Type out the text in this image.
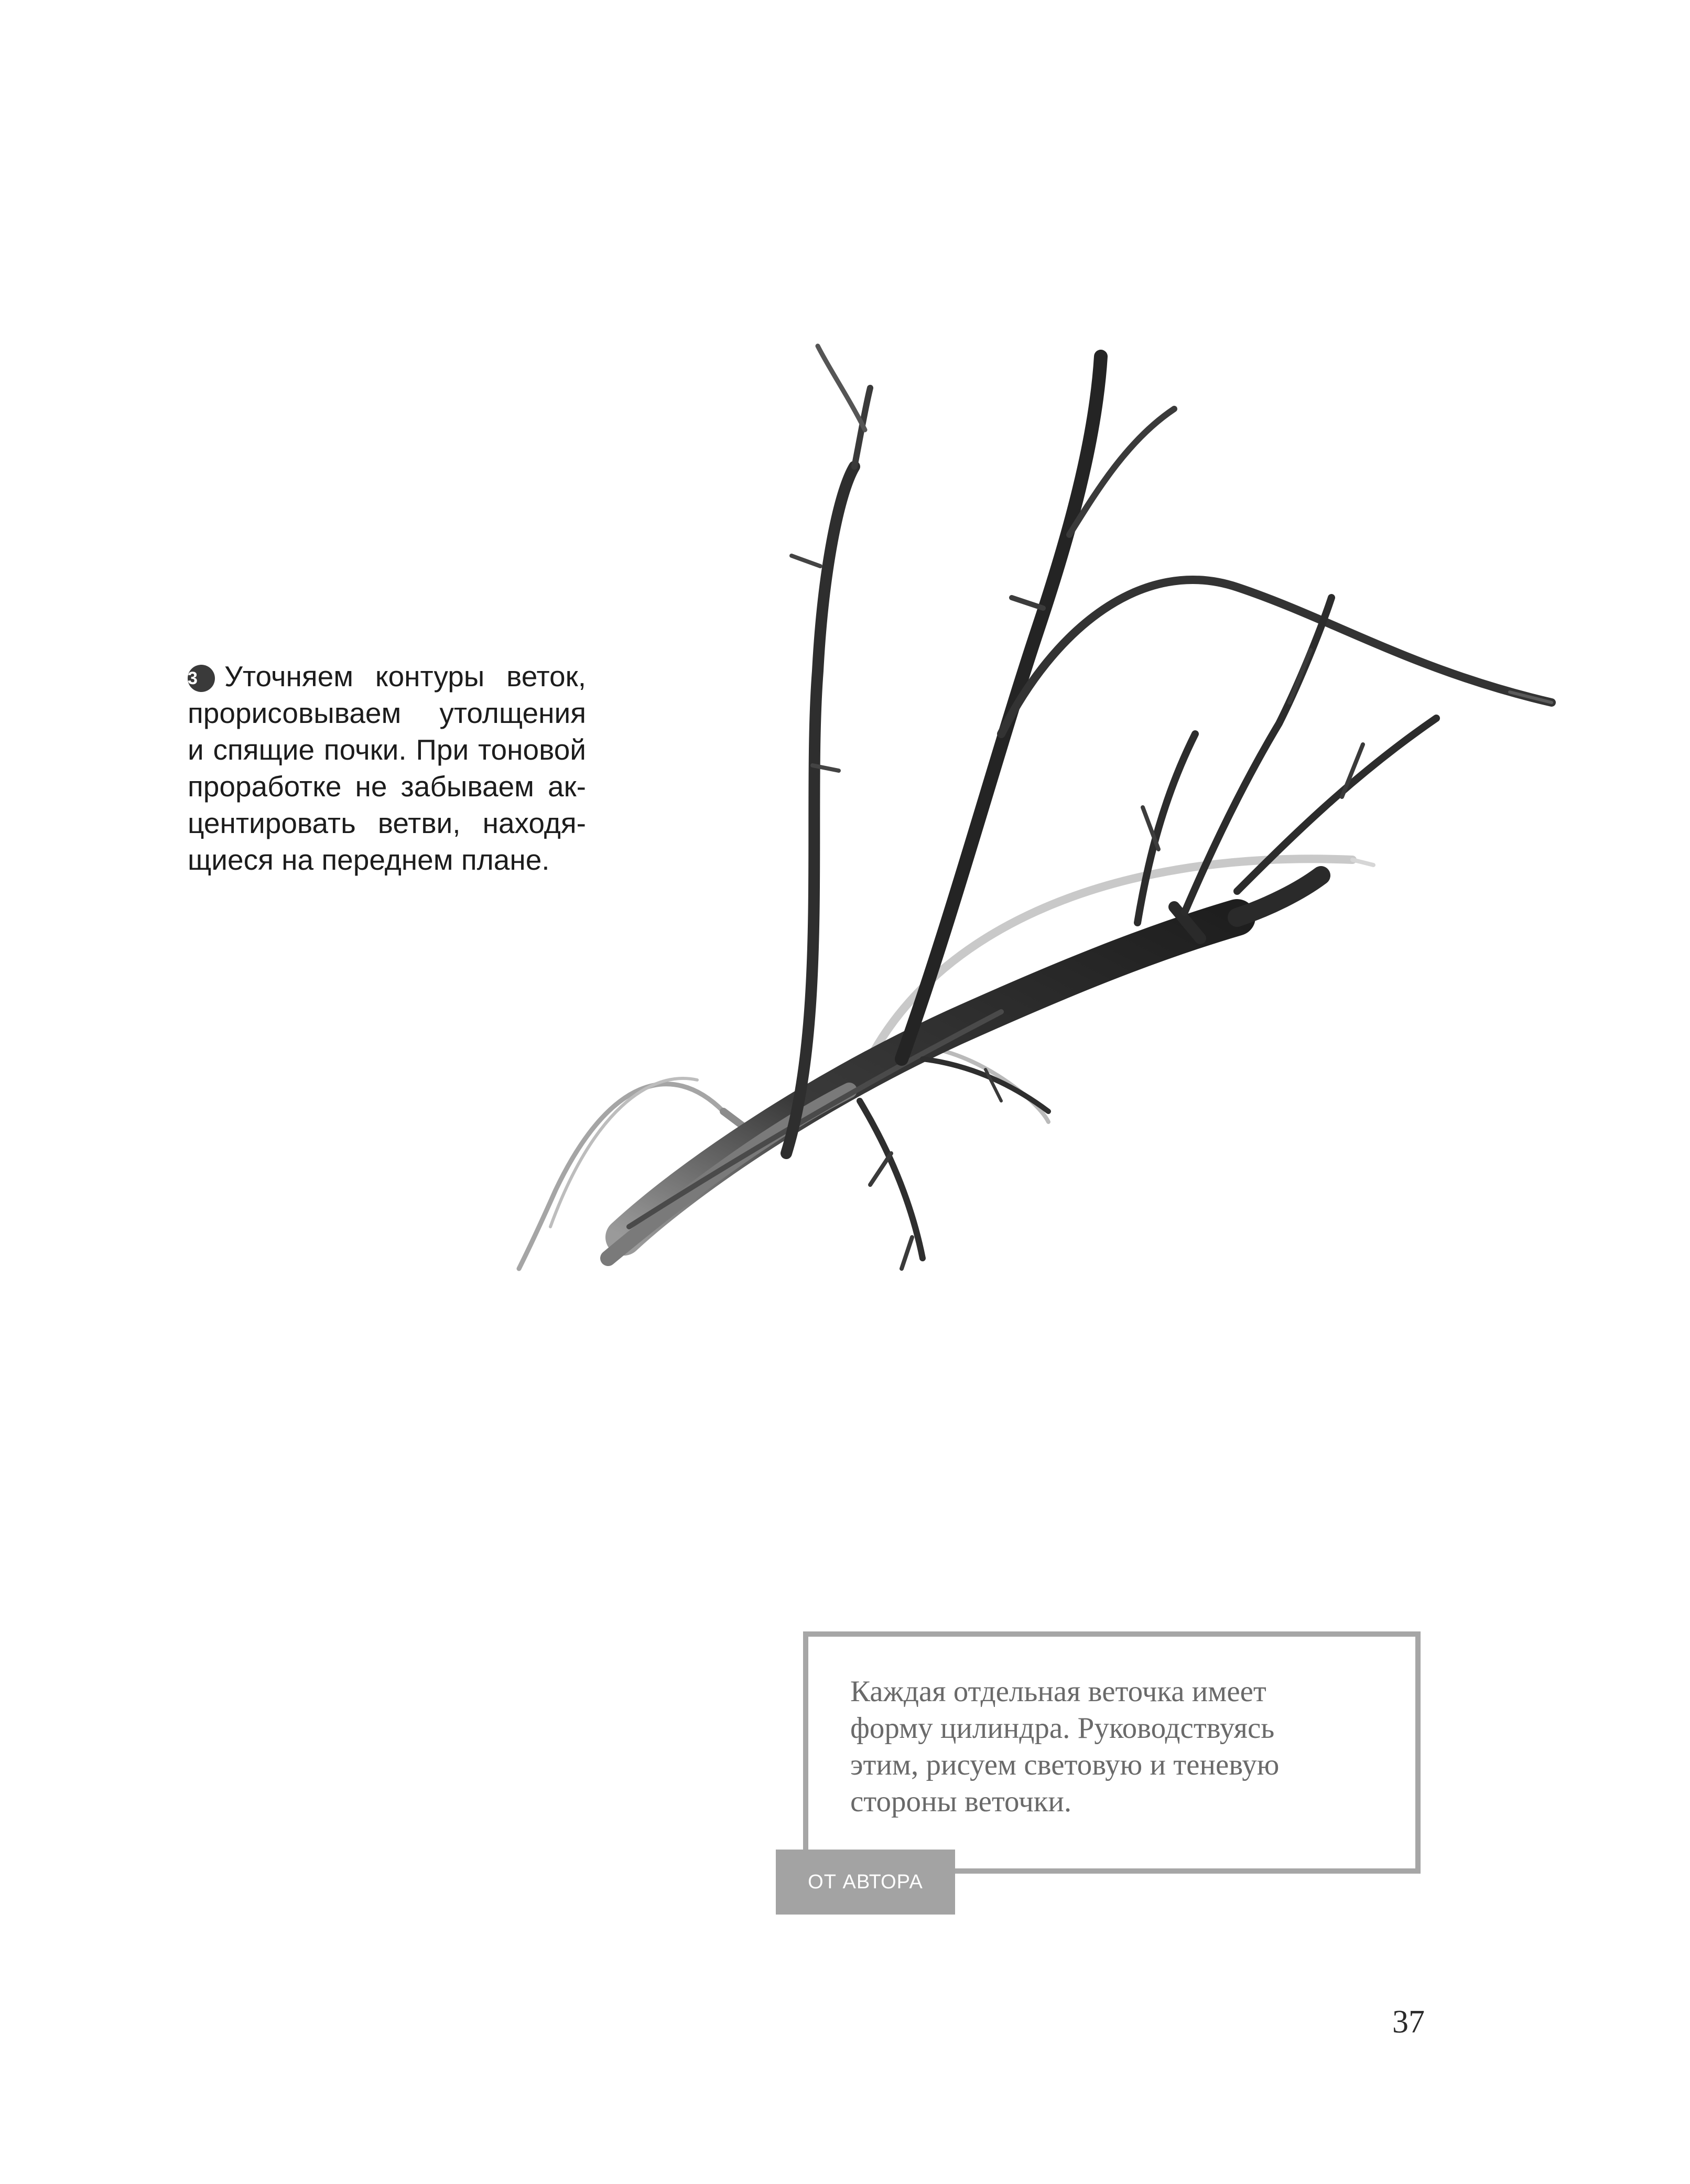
3 Уточняем контуры веток,
прорисовываем утолщения
и спящие почки. При тоновой
проработке не забываем ак-
центировать ветви, находя-
щиеся на переднем плане.
Каждая отдельная веточка имеет
форму цилиндра. Руководствуясь
этим, рисуем световую и теневую
стороны веточки.
ОТ АВТОРА
37
